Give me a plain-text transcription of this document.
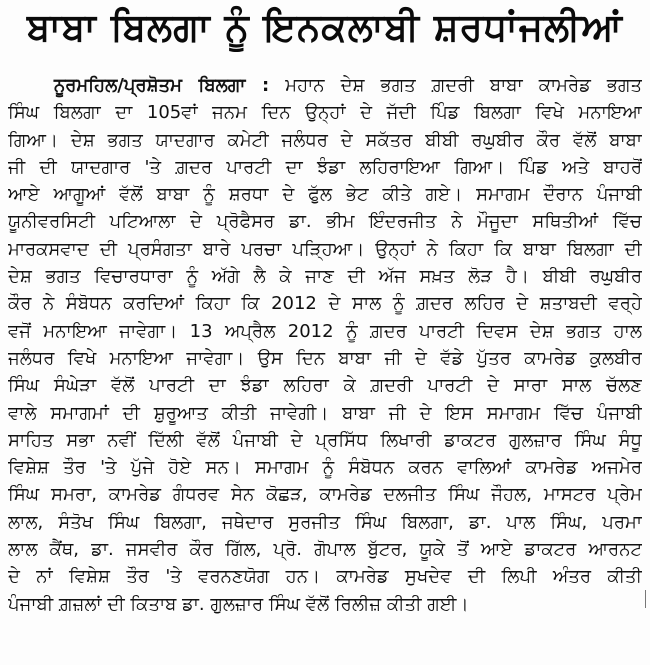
ਬਾਬਾ ਬਿਲਗਾ ਨੂੰ ਇਨਕਲਾਬੀ ਸ਼ਰਧਾਂਜਲੀਆਂ
ਨੂਰਮਹਿਲ/ਪ੍ਰਸ਼ੋਤਮ ਬਿਲਗਾ : ਮਹਾਨ ਦੇਸ਼ ਭਗਤ ਗ਼ਦਰੀ ਬਾਬਾ ਕਾਮਰੇਡ ਭਗਤ
ਸਿੰਘ ਬਿਲਗਾ ਦਾ 105ਵਾਂ ਜਨਮ ਦਿਨ ਉਨ੍ਹਾਂ ਦੇ ਜੱਦੀ ਪਿੰਡ ਬਿਲਗਾ ਵਿਖੇ ਮਨਾਇਆ
ਗਿਆ। ਦੇਸ਼ ਭਗਤ ਯਾਦਗਾਰ ਕਮੇਟੀ ਜਲੰਧਰ ਦੇ ਸਕੱਤਰ ਬੀਬੀ ਰਘੁਬੀਰ ਕੌਰ ਵੱਲੋਂ ਬਾਬਾ
ਜੀ ਦੀ ਯਾਦਗਾਰ 'ਤੇ ਗ਼ਦਰ ਪਾਰਟੀ ਦਾ ਝੰਡਾ ਲਹਿਰਾਇਆ ਗਿਆ। ਪਿੰਡ ਅਤੇ ਬਾਹਰੋਂ
ਆਏ ਆਗੂਆਂ ਵੱਲੋਂ ਬਾਬਾ ਨੂੰ ਸ਼ਰਧਾ ਦੇ ਫੁੱਲ ਭੇਟ ਕੀਤੇ ਗਏ। ਸਮਾਗਮ ਦੌਰਾਨ ਪੰਜਾਬੀ
ਯੂਨੀਵਰਸਿਟੀ ਪਟਿਆਲਾ ਦੇ ਪ੍ਰੋਫੈਸਰ ਡਾ. ਭੀਮ ਇੰਦਰਜੀਤ ਨੇ ਮੌਜੂਦਾ ਸਥਿਤੀਆਂ ਵਿੱਚ
ਮਾਰਕਸਵਾਦ ਦੀ ਪ੍ਰਸੰਗਤਾ ਬਾਰੇ ਪਰਚਾ ਪੜ੍ਹਿਆ। ਉਨ੍ਹਾਂ ਨੇ ਕਿਹਾ ਕਿ ਬਾਬਾ ਬਿਲਗਾ ਦੀ
ਦੇਸ਼ ਭਗਤ ਵਿਚਾਰਧਾਰਾ ਨੂੰ ਅੱਗੇ ਲੈ ਕੇ ਜਾਣ ਦੀ ਅੱਜ ਸਖ਼ਤ ਲੋੜ ਹੈ। ਬੀਬੀ ਰਘੁਬੀਰ
ਕੌਰ ਨੇ ਸੰਬੋਧਨ ਕਰਦਿਆਂ ਕਿਹਾ ਕਿ 2012 ਦੇ ਸਾਲ ਨੂੰ ਗ਼ਦਰ ਲਹਿਰ ਦੇ ਸ਼ਤਾਬਦੀ ਵਰ੍ਹੇ
ਵਜੋਂ ਮਨਾਇਆ ਜਾਵੇਗਾ। 13 ਅਪ੍ਰੈਲ 2012 ਨੂੰ ਗ਼ਦਰ ਪਾਰਟੀ ਦਿਵਸ ਦੇਸ਼ ਭਗਤ ਹਾਲ
ਜਲੰਧਰ ਵਿਖੇ ਮਨਾਇਆ ਜਾਵੇਗਾ। ਉਸ ਦਿਨ ਬਾਬਾ ਜੀ ਦੇ ਵੱਡੇ ਪੁੱਤਰ ਕਾਮਰੇਡ ਕੁਲਬੀਰ
ਸਿੰਘ ਸੰਘੇੜਾ ਵੱਲੋਂ ਪਾਰਟੀ ਦਾ ਝੰਡਾ ਲਹਿਰਾ ਕੇ ਗ਼ਦਰੀ ਪਾਰਟੀ ਦੇ ਸਾਰਾ ਸਾਲ ਚੱਲਣ
ਵਾਲੇ ਸਮਾਗਮਾਂ ਦੀ ਸ਼ੁਰੂਆਤ ਕੀਤੀ ਜਾਵੇਗੀ। ਬਾਬਾ ਜੀ ਦੇ ਇਸ ਸਮਾਗਮ ਵਿੱਚ ਪੰਜਾਬੀ
ਸਾਹਿਤ ਸਭਾ ਨਵੀਂ ਦਿੱਲੀ ਵੱਲੋਂ ਪੰਜਾਬੀ ਦੇ ਪ੍ਰਸਿੱਧ ਲਿਖਾਰੀ ਡਾਕਟਰ ਗੁਲਜ਼ਾਰ ਸਿੰਘ ਸੰਧੂ
ਵਿਸ਼ੇਸ਼ ਤੌਰ 'ਤੇ ਪੁੱਜੇ ਹੋਏ ਸਨ। ਸਮਾਗਮ ਨੂੰ ਸੰਬੋਧਨ ਕਰਨ ਵਾਲਿਆਂ ਕਾਮਰੇਡ ਅਜਮੇਰ
ਸਿੰਘ ਸਮਰਾ, ਕਾਮਰੇਡ ਗੰਧਰਵ ਸੇਨ ਕੋਛੜ, ਕਾਮਰੇਡ ਦਲਜੀਤ ਸਿੰਘ ਜੌਹਲ, ਮਾਸਟਰ ਪ੍ਰੇਮ
ਲਾਲ, ਸੰਤੋਖ ਸਿੰਘ ਬਿਲਗਾ, ਜਥੇਦਾਰ ਸੁਰਜੀਤ ਸਿੰਘ ਬਿਲਗਾ, ਡਾ. ਪਾਲ ਸਿੰਘ, ਪਰਮਾ
ਲਾਲ ਕੈਂਥ, ਡਾ. ਜਸਵੀਰ ਕੌਰ ਗਿੱਲ, ਪ੍ਰੋ. ਗੋਪਾਲ ਬੁੱਟਰ, ਯੂਕੇ ਤੋਂ ਆਏ ਡਾਕਟਰ ਆਰਨਟ
ਦੇ ਨਾਂ ਵਿਸ਼ੇਸ਼ ਤੌਰ 'ਤੇ ਵਰਨਣਯੋਗ ਹਨ। ਕਾਮਰੇਡ ਸੁਖਦੇਵ ਦੀ ਲਿਪੀ ਅੰਤਰ ਕੀਤੀ
ਪੰਜਾਬੀ ਗ਼ਜ਼ਲਾਂ ਦੀ ਕਿਤਾਬ ਡਾ. ਗੁਲਜ਼ਾਰ ਸਿੰਘ ਵੱਲੋਂ ਰਿਲੀਜ਼ ਕੀਤੀ ਗਈ।
